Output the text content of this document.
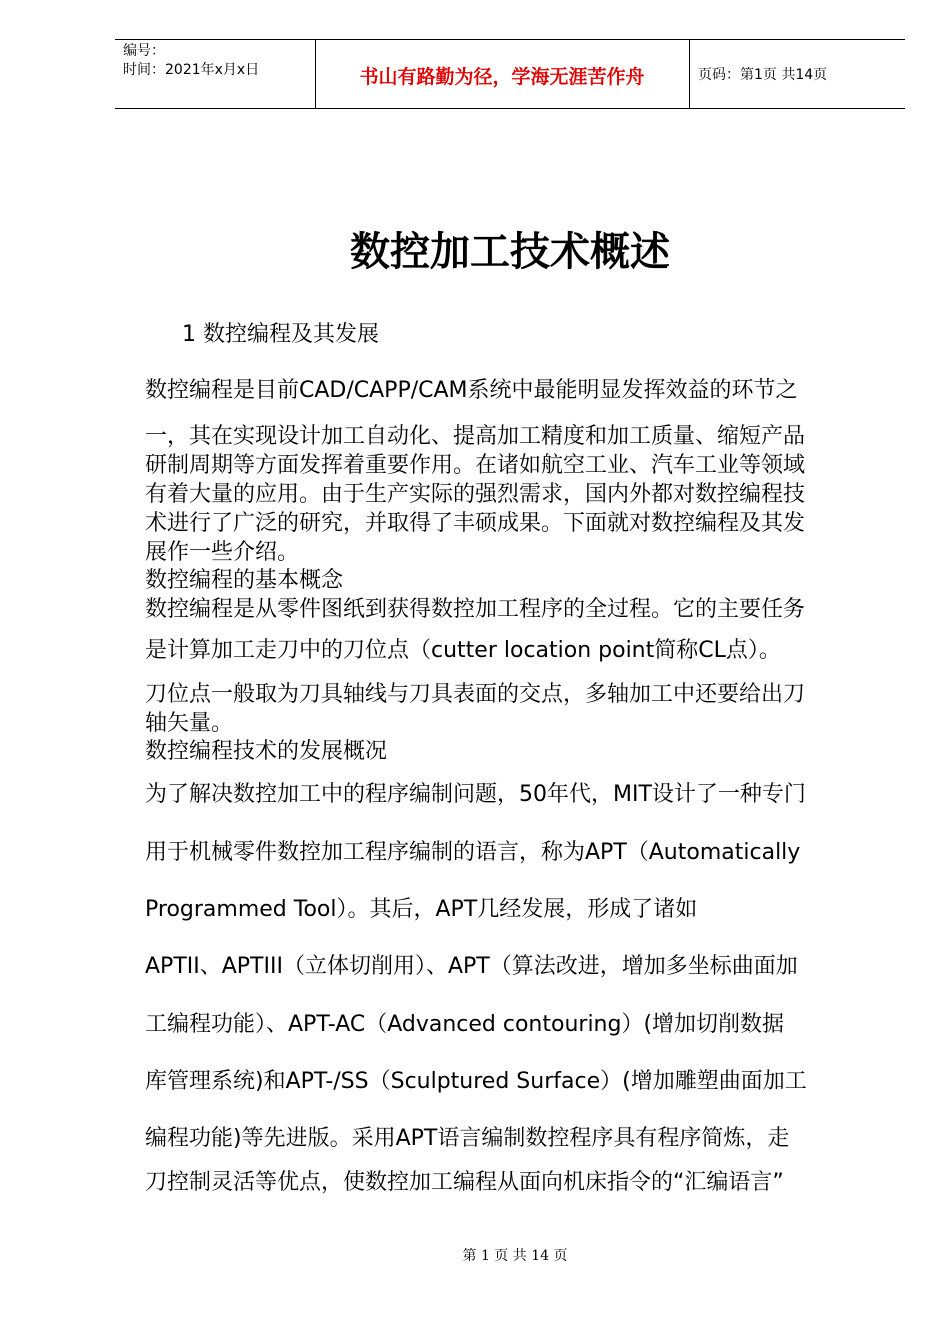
编号：
时间：2021年x月x日	书山有路勤为径，学海无涯苦作舟	页码：第1页 共14页
数控加工技术概述
1 数控编程及其发展
数控编程是目前CAD/CAPP/CAM系统中最能明显发挥效益的环节之
一，其在实现设计加工自动化、提高加工精度和加工质量、缩短产品
研制周期等方面发挥着重要作用。在诸如航空工业、汽车工业等领域
有着大量的应用。由于生产实际的强烈需求，国内外都对数控编程技
术进行了广泛的研究，并取得了丰硕成果。下面就对数控编程及其发
展作一些介绍。
数控编程的基本概念
数控编程是从零件图纸到获得数控加工程序的全过程。它的主要任务
是计算加工走刀中的刀位点（cutter location point简称CL点）。
刀位点一般取为刀具轴线与刀具表面的交点，多轴加工中还要给出刀
轴矢量。
数控编程技术的发展概况
为了解决数控加工中的程序编制问题，50年代，MIT设计了一种专门
用于机械零件数控加工程序编制的语言，称为APT（Automatically
Programmed Tool）。其后，APT几经发展，形成了诸如
APTII、APTIII（立体切削用）、APT（算法改进，增加多坐标曲面加
工编程功能）、APT-AC（Advanced contouring）(增加切削数据
库管理系统)和APT-/SS（Sculptured Surface）(增加雕塑曲面加工
编程功能)等先进版。采用APT语言编制数控程序具有程序简炼，走
刀控制灵活等优点，使数控加工编程从面向机床指令的“汇编语言”
第 1 页 共 14 页
